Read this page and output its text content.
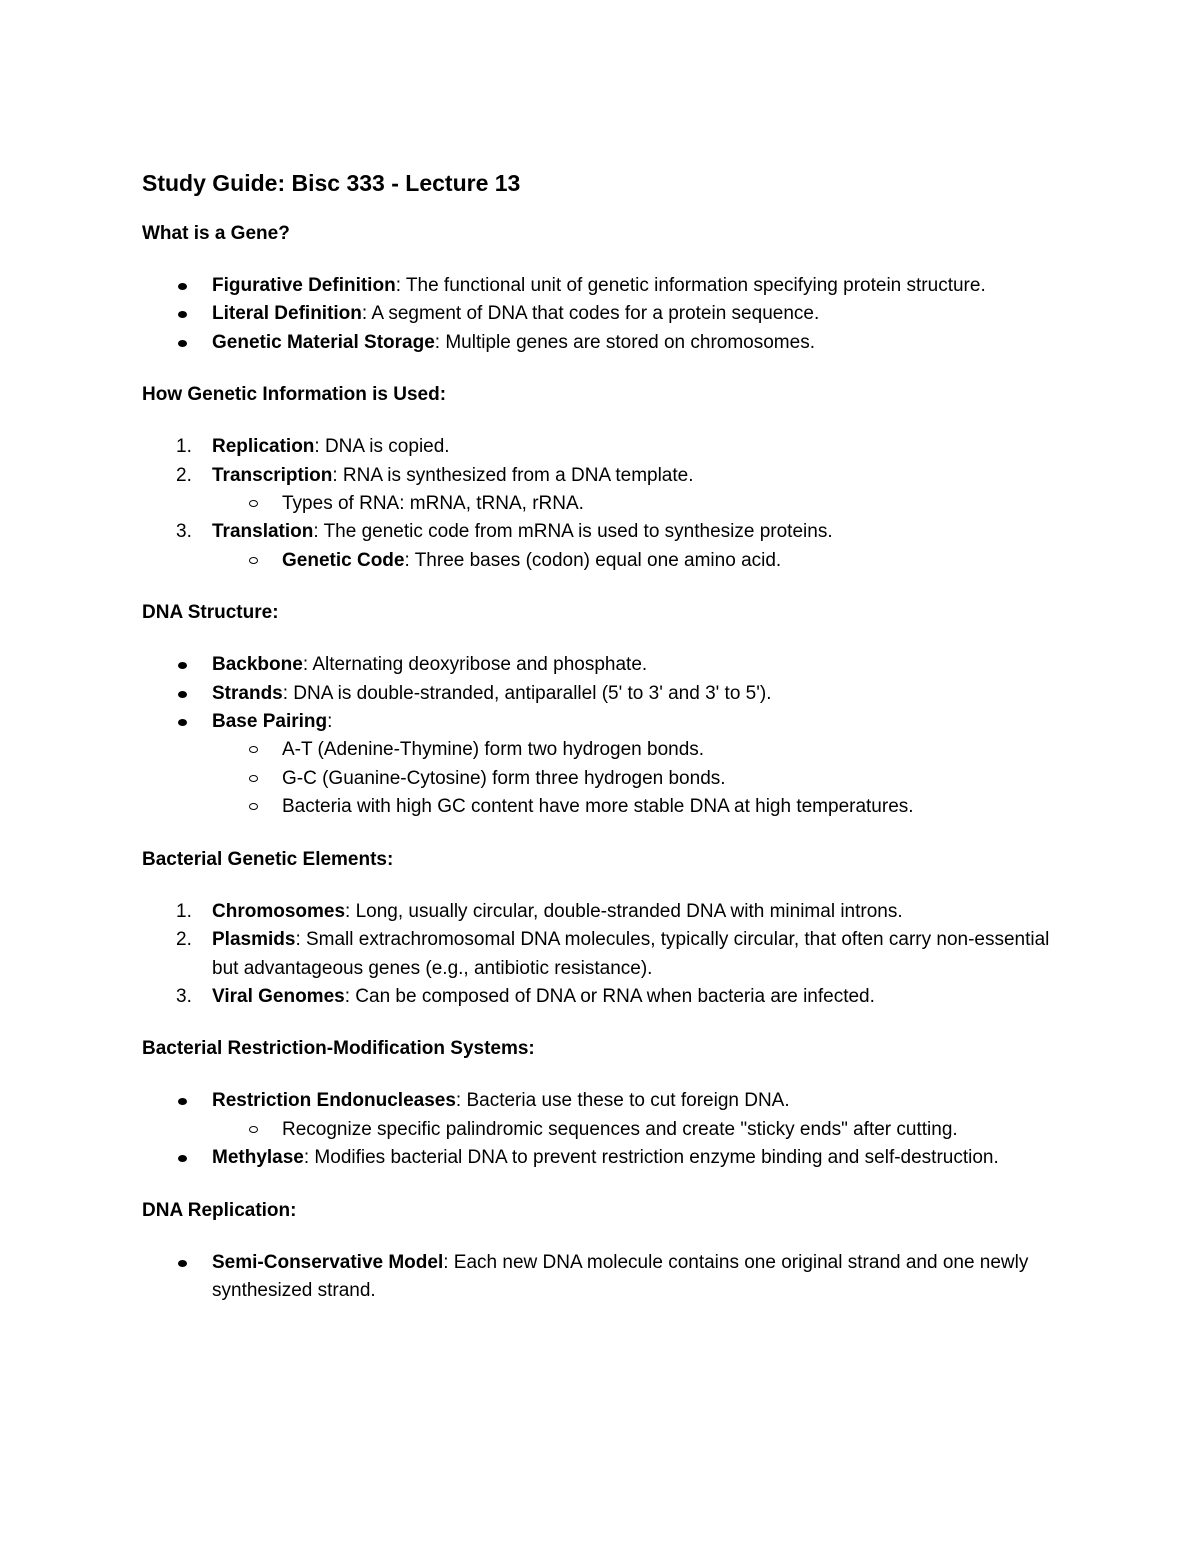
Study Guide: Bisc 333 - Lecture 13
What is a Gene?
Figurative Definition: The functional unit of genetic information specifying protein structure.
Literal Definition: A segment of DNA that codes for a protein sequence.
Genetic Material Storage: Multiple genes are stored on chromosomes.
How Genetic Information is Used:
1. Replication: DNA is copied.
2. Transcription: RNA is synthesized from a DNA template.
Types of RNA: mRNA, tRNA, rRNA.
3. Translation: The genetic code from mRNA is used to synthesize proteins.
Genetic Code: Three bases (codon) equal one amino acid.
DNA Structure:
Backbone: Alternating deoxyribose and phosphate.
Strands: DNA is double-stranded, antiparallel (5' to 3' and 3' to 5').
Base Pairing:
A-T (Adenine-Thymine) form two hydrogen bonds.
G-C (Guanine-Cytosine) form three hydrogen bonds.
Bacteria with high GC content have more stable DNA at high temperatures.
Bacterial Genetic Elements:
1. Chromosomes: Long, usually circular, double-stranded DNA with minimal introns.
2. Plasmids: Small extrachromosomal DNA molecules, typically circular, that often carry non-essential but advantageous genes (e.g., antibiotic resistance).
3. Viral Genomes: Can be composed of DNA or RNA when bacteria are infected.
Bacterial Restriction-Modification Systems:
Restriction Endonucleases: Bacteria use these to cut foreign DNA.
Recognize specific palindromic sequences and create "sticky ends" after cutting.
Methylase: Modifies bacterial DNA to prevent restriction enzyme binding and self-destruction.
DNA Replication:
Semi-Conservative Model: Each new DNA molecule contains one original strand and one newly synthesized strand.
